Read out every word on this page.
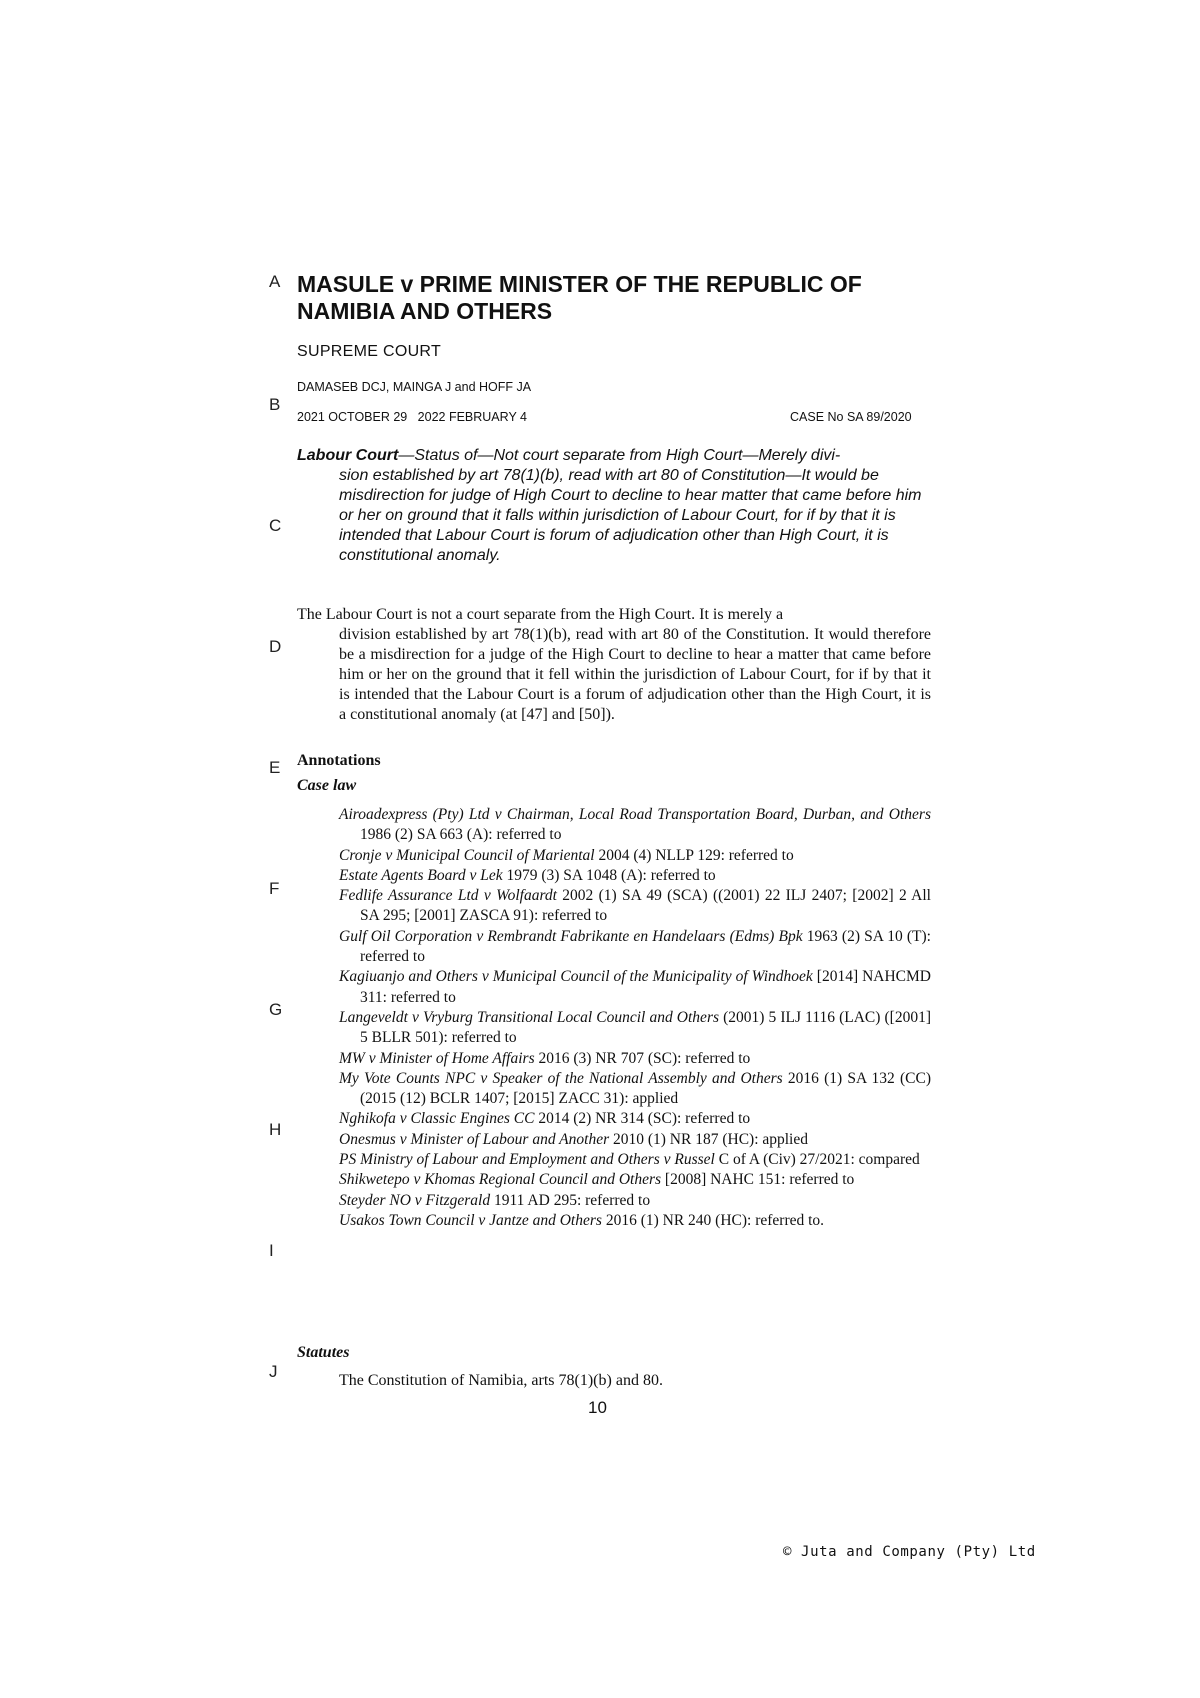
A
B
C
D
E
F
G
H
I
J
MASULE v PRIME MINISTER OF THE REPUBLIC OF NAMIBIA AND OTHERS
SUPREME COURT
DAMASEB DCJ, MAINGA J and HOFF JA
2021 OCTOBER 29   2022 FEBRUARY 4	CASE No SA 89/2020
Labour Court—Status of—Not court separate from High Court—Merely divi-
sion established by art 78(1)(b), read with art 80 of Constitution—It would be misdirection for judge of High Court to decline to hear matter that came before him or her on ground that it falls within jurisdiction of Labour Court, for if by that it is intended that Labour Court is forum of adjudication other than High Court, it is constitutional anomaly.
The Labour Court is not a court separate from the High Court. It is merely a
division established by art 78(1)(b), read with art 80 of the Constitution. It would therefore be a misdirection for a judge of the High Court to decline to hear a matter that came before him or her on the ground that it fell within the jurisdiction of Labour Court, for if by that it is intended that the Labour Court is a forum of adjudication other than the High Court, it is a constitutional anomaly (at [47] and [50]).
Annotations
Case law
Airoadexpress (Pty) Ltd v Chairman, Local Road Transportation Board, Durban, and Others 1986 (2) SA 663 (A): referred to
Cronje v Municipal Council of Mariental 2004 (4) NLLP 129: referred to
Estate Agents Board v Lek 1979 (3) SA 1048 (A): referred to
Fedlife Assurance Ltd v Wolfaardt 2002 (1) SA 49 (SCA) ((2001) 22 ILJ 2407; [2002] 2 All SA 295; [2001] ZASCA 91): referred to
Gulf Oil Corporation v Rembrandt Fabrikante en Handelaars (Edms) Bpk 1963 (2) SA 10 (T): referred to
Kagiuanjo and Others v Municipal Council of the Municipality of Windhoek [2014] NAHCMD 311: referred to
Langeveldt v Vryburg Transitional Local Council and Others (2001) 5 ILJ 1116 (LAC) ([2001] 5 BLLR 501): referred to
MW v Minister of Home Affairs 2016 (3) NR 707 (SC): referred to
My Vote Counts NPC v Speaker of the National Assembly and Others 2016 (1) SA 132 (CC) (2015 (12) BCLR 1407; [2015] ZACC 31): applied
Nghikofa v Classic Engines CC 2014 (2) NR 314 (SC): referred to
Onesmus v Minister of Labour and Another 2010 (1) NR 187 (HC): applied
PS Ministry of Labour and Employment and Others v Russel C of A (Civ) 27/2021: compared
Shikwetepo v Khomas Regional Council and Others [2008] NAHC 151: referred to
Steyder NO v Fitzgerald 1911 AD 295: referred to
Usakos Town Council v Jantze and Others 2016 (1) NR 240 (HC): referred to.
Statutes
The Constitution of Namibia, arts 78(1)(b) and 80.
10
© Juta and Company (Pty) Ltd
